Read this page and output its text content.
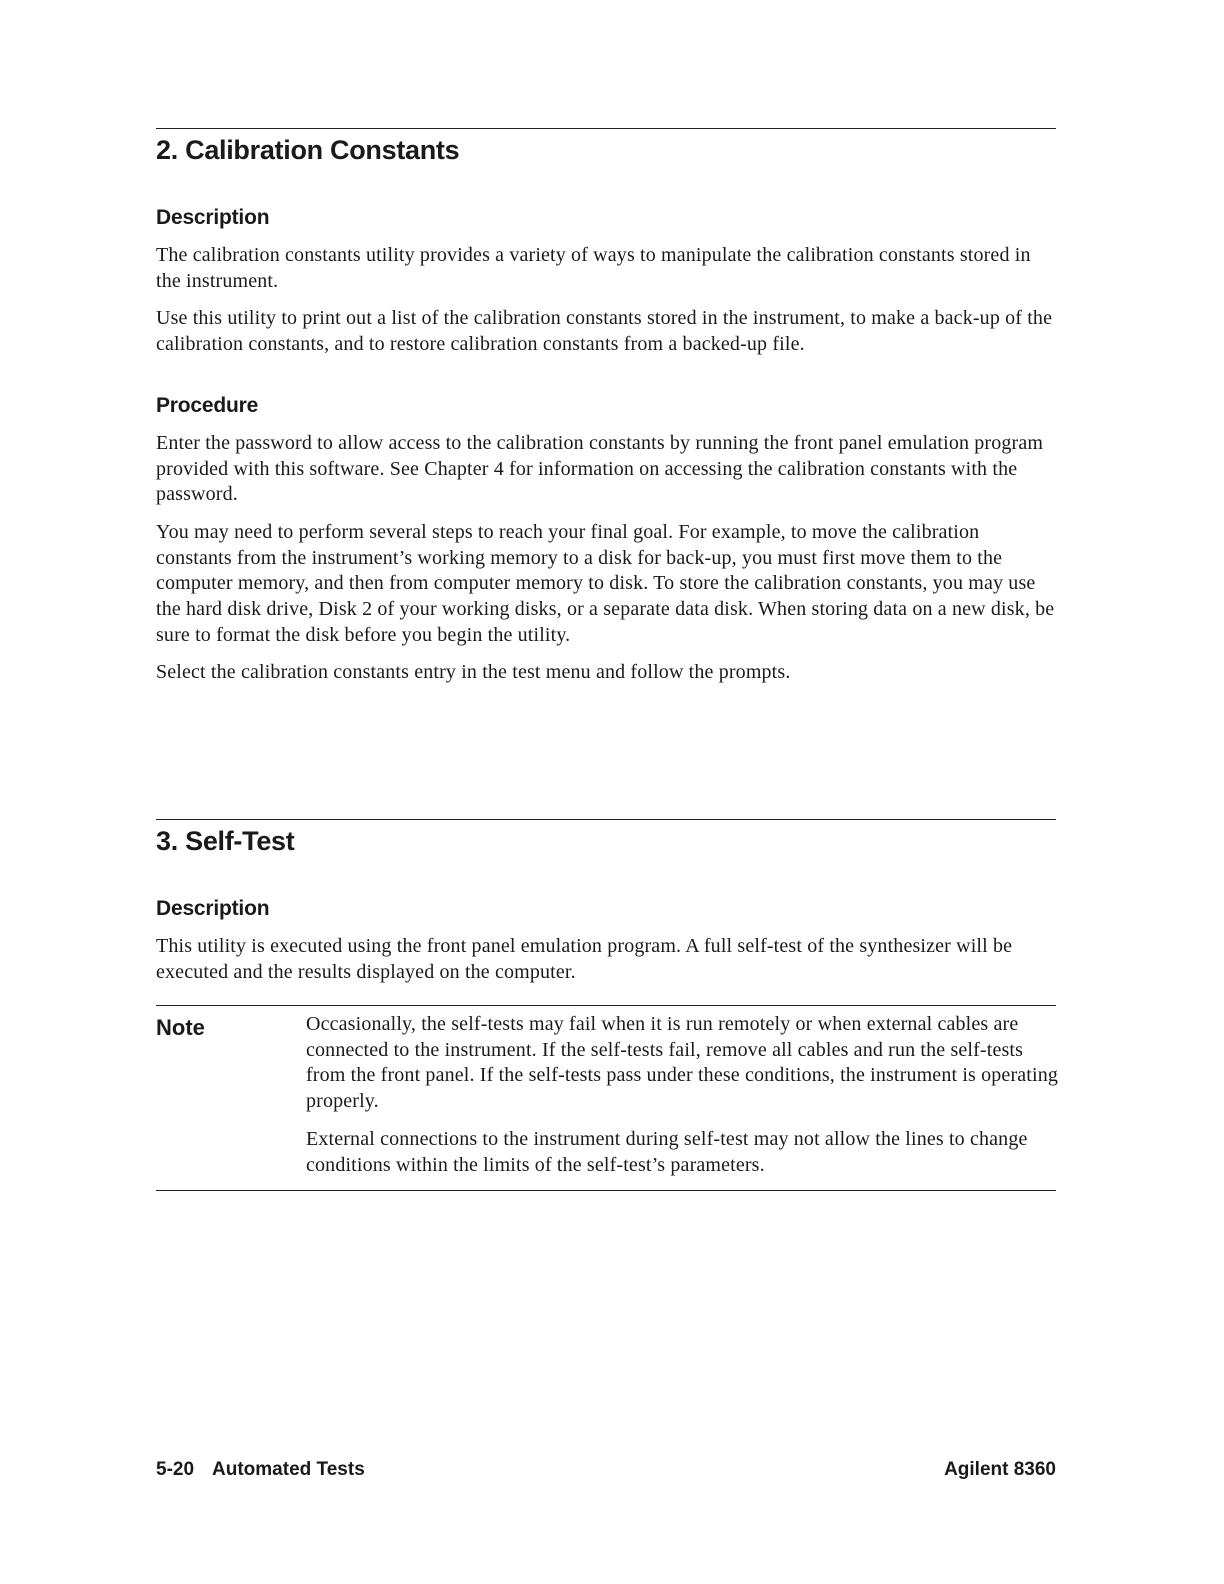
2. Calibration Constants
Description

The calibration constants utility provides a variety of ways to manipulate the calibration constants stored in the instrument.

Use this utility to print out a list of the calibration constants stored in the instrument, to make a back-up of the calibration constants, and to restore calibration constants from a backed-up file.

Procedure

Enter the password to allow access to the calibration constants by running the front panel emulation program provided with this software. See Chapter 4 for information on accessing the calibration constants with the password.

You may need to perform several steps to reach your final goal. For example, to move the calibration constants from the instrument’s working memory to a disk for back-up, you must first move them to the computer memory, and then from computer memory to disk. To store the calibration constants, you may use the hard disk drive, Disk 2 of your working disks, or a separate data disk. When storing data on a new disk, be sure to format the disk before you begin the utility.

Select the calibration constants entry in the test menu and follow the prompts.

3. Self-Test
Description

This utility is executed using the front panel emulation program. A full self-test of the synthesizer will be executed and the results displayed on the computer.

Note	Occasionally, the self-tests may fail when it is run remotely or when external cables are connected to the instrument. If the self-tests fail, remove all cables and run the self-tests from the front panel. If the self-tests pass under these conditions, the instrument is operating properly.

External connections to the instrument during self-test may not allow the lines to change conditions within the limits of the self-test’s parameters.

5-20 Automated Tests	Agilent 8360
